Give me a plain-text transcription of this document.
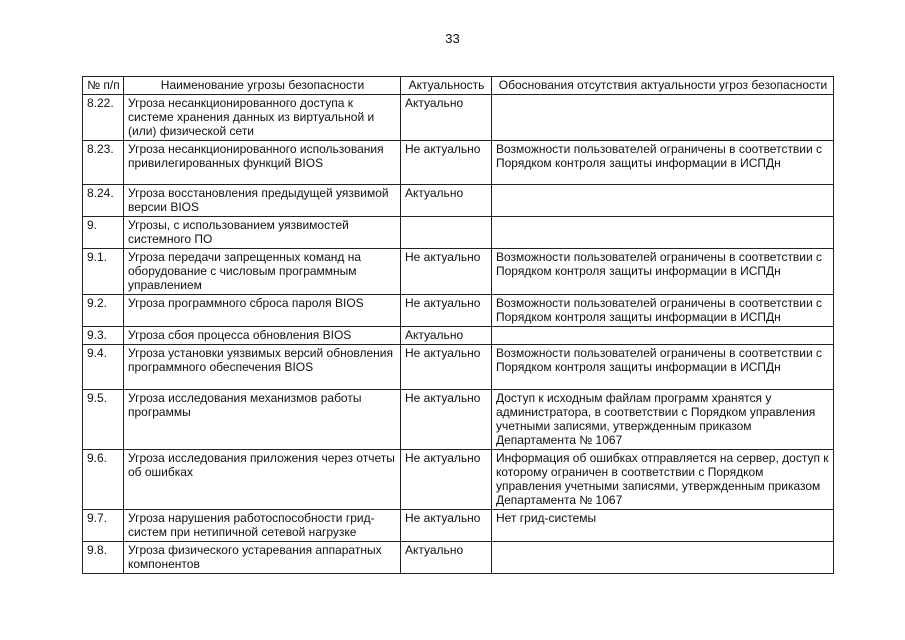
33
№ п/п	Наименование угрозы безопасности	Актуальность	Обоснования отсутствия актуальности угроз безопасности
8.22.	Угроза несанкционированного доступа к системе хранения данных из виртуальной и (или) физической сети	Актуально	
8.23.	Угроза несанкционированного использования привилегированных функций BIOS	Не актуально	Возможности пользователей ограничены в соответствии с Порядком контроля защиты информации в ИСПДн
8.24.	Угроза восстановления предыдущей уязвимой версии BIOS	Актуально	
9.	Угрозы, с использованием уязвимостей системного ПО		
9.1.	Угроза передачи запрещенных команд на оборудование с числовым программным управлением	Не актуально	Возможности пользователей ограничены в соответствии с Порядком контроля защиты информации в ИСПДн
9.2.	Угроза программного сброса пароля BIOS	Не актуально	Возможности пользователей ограничены в соответствии с Порядком контроля защиты информации в ИСПДн
9.3.	Угроза сбоя процесса обновления BIOS	Актуально	
9.4.	Угроза установки уязвимых версий обновления программного обеспечения BIOS	Не актуально	Возможности пользователей ограничены в соответствии с Порядком контроля защиты информации в ИСПДн
9.5.	Угроза исследования механизмов работы программы	Не актуально	Доступ к исходным файлам программ хранятся у администратора, в соответствии с Порядком управления учетными записями, утвержденным приказом Департамента № 1067
9.6.	Угроза исследования приложения через отчеты об ошибках	Не актуально	Информация об ошибках отправляется на сервер, доступ к которому ограничен в соответствии с Порядком управления учетными записями, утвержденным приказом Департамента № 1067
9.7.	Угроза нарушения работоспособности грид-систем при нетипичной сетевой нагрузке	Не актуально	Нет грид-системы
9.8.	Угроза физического устаревания аппаратных компонентов	Актуально	
